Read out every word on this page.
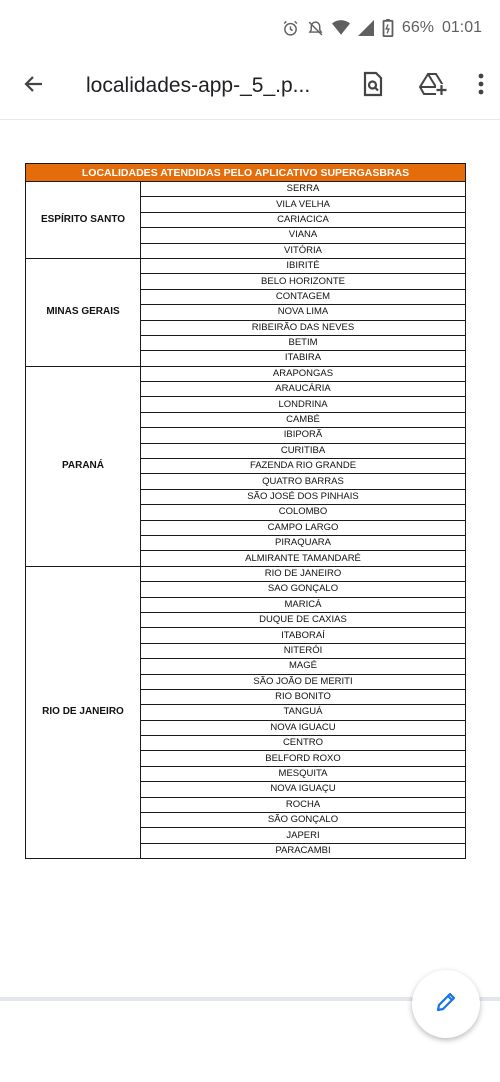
66% 01:01
localidades-app-_5_.p...
LOCALIDADES ATENDIDAS PELO APLICATIVO SUPERGASBRAS	
ESPÍRITO SANTO	SERRA
	VILA VELHA
	CARIACICA
	VIANA
	VITÓRIA
MINAS GERAIS	IBIRITÉ
	BELO HORIZONTE
	CONTAGEM
	NOVA LIMA
	RIBEIRÃO DAS NEVES
	BETIM
	ITABIRA
PARANÁ	ARAPONGAS
	ARAUCÁRIA
	LONDRINA
	CAMBÉ
	IBIPORÃ
	CURITIBA
	FAZENDA RIO GRANDE
	QUATRO BARRAS
	SÃO JOSÉ DOS PINHAIS
	COLOMBO
	CAMPO LARGO
	PIRAQUARA
	ALMIRANTE TAMANDARÉ
RIO DE JANEIRO	RIO DE JANEIRO
	SAO GONÇALO
	MARICÁ
	DUQUE DE CAXIAS
	ITABORAÍ
	NITERÓI
	MAGÉ
	SÃO JOÃO DE MERITI
	RIO BONITO
	TANGUÁ
	NOVA IGUACU
	CENTRO
	BELFORD ROXO
	MESQUITA
	NOVA IGUAÇU
	ROCHA
	SÃO GONÇALO
	JAPERI
	PARACAMBI
